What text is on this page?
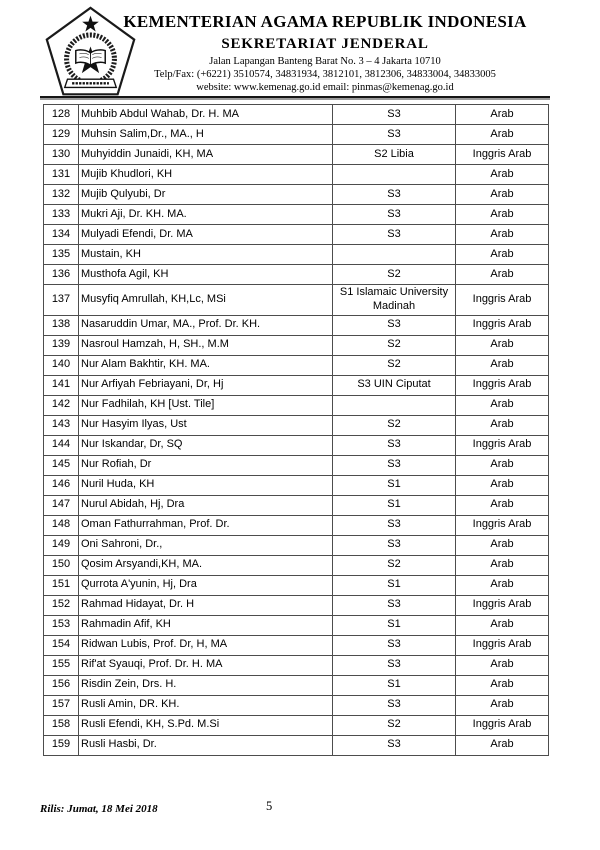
KEMENTERIAN AGAMA REPUBLIK INDONESIA
SEKRETARIAT JENDERAL
Jalan Lapangan Banteng Barat No. 3 – 4 Jakarta 10710
Telp/Fax: (+6221) 3510574, 34831934, 3812101, 3812306, 34833004, 34833005
website: www.kemenag.go.id email: pinmas@kemenag.go.id
128	Muhbib Abdul Wahab, Dr. H. MA	S3	Arab
129	Muhsin Salim,Dr., MA., H	S3	Arab
130	Muhyiddin Junaidi, KH, MA	S2 Libia	Inggris Arab
131	Mujib Khudlori, KH		Arab
132	Mujib Qulyubi, Dr	S3	Arab
133	Mukri Aji, Dr. KH. MA.	S3	Arab
134	Mulyadi Efendi, Dr. MA	S3	Arab
135	Mustain, KH		Arab
136	Musthofa Agil, KH	S2	Arab
137	Musyfiq Amrullah, KH,Lc, MSi	S1 Islamaic University Madinah	Inggris Arab
138	Nasaruddin Umar, MA., Prof. Dr. KH.	S3	Inggris Arab
139	Nasroul Hamzah, H, SH., M.M	S2	Arab
140	Nur Alam Bakhtir, KH. MA.	S2	Arab
141	Nur Arfiyah Febriayani, Dr, Hj	S3 UIN Ciputat	Inggris Arab
142	Nur Fadhilah, KH [Ust. Tile]		Arab
143	Nur Hasyim Ilyas, Ust	S2	Arab
144	Nur Iskandar, Dr, SQ	S3	Inggris Arab
145	Nur Rofiah, Dr	S3	Arab
146	Nuril Huda, KH	S1	Arab
147	Nurul Abidah, Hj, Dra	S1	Arab
148	Oman Fathurrahman, Prof. Dr.	S3	Inggris Arab
149	Oni Sahroni, Dr.,	S3	Arab
150	Qosim Arsyandi,KH, MA.	S2	Arab
151	Qurrota A'yunin, Hj, Dra	S1	Arab
152	Rahmad Hidayat, Dr. H	S3	Inggris Arab
153	Rahmadin Afif, KH	S1	Arab
154	Ridwan Lubis, Prof. Dr, H, MA	S3	Inggris Arab
155	Rif'at Syauqi, Prof. Dr. H. MA	S3	Arab
156	Risdin Zein, Drs. H.	S1	Arab
157	Rusli Amin, DR. KH.	S3	Arab
158	Rusli Efendi, KH, S.Pd. M.Si	S2	Inggris Arab
159	Rusli Hasbi, Dr.	S3	Arab
Rilis: Jumat, 18 Mei 2018	5
